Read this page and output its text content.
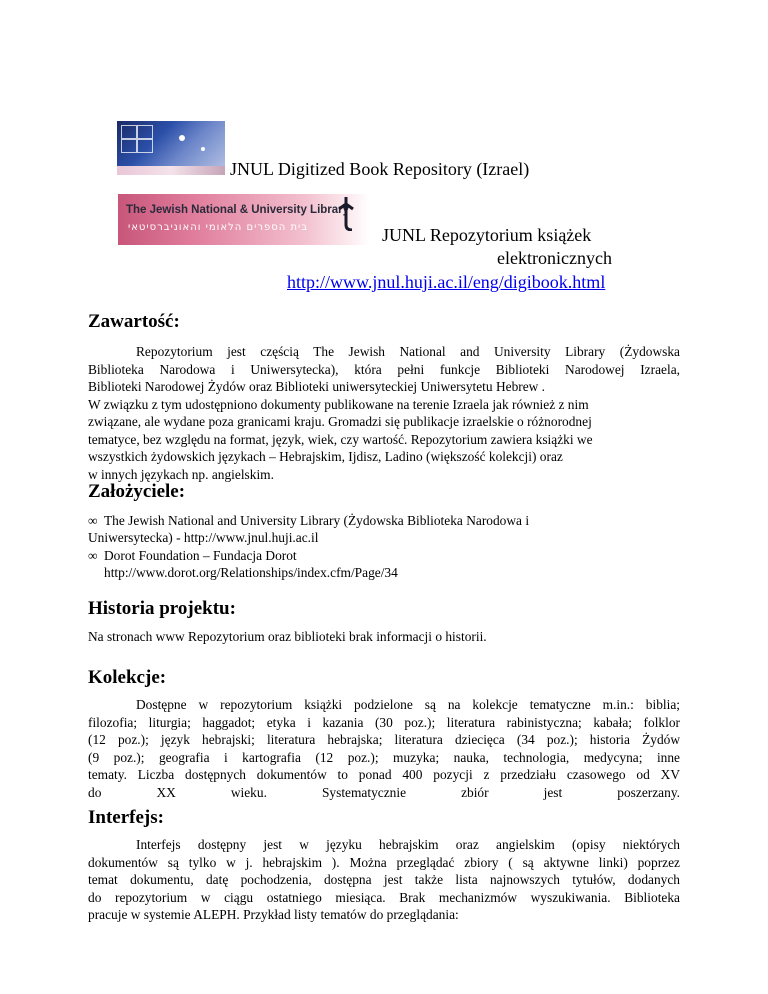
JNUL Digitized Book Repository (Izrael)
The Jewish National & University Library
בית הספרים הלאומי והאוניברסיטאי	JUNL Repozytorium książek
elektronicznych
http://www.jnul.huji.ac.il/eng/digibook.html
Zawartość:
Repozytorium jest częścią The Jewish National and University Library (Żydowska
Biblioteka Narodowa i Uniwersytecka), która pełni funkcje Biblioteki Narodowej Izraela,
Biblioteki Narodowej Żydów oraz Biblioteki uniwersyteckiej Uniwersytetu Hebrew .
W związku z tym udostępniono dokumenty publikowane na terenie Izraela jak również z nim
związane, ale wydane poza granicami kraju. Gromadzi się publikacje izraelskie o różnorodnej
tematyce, bez względu na format, język, wiek, czy wartość. Repozytorium zawiera książki we
wszystkich żydowskich językach – Hebrajskim, Ijdisz, Ladino (większość kolekcji) oraz
w innych językach np. angielskim.
Założyciele:
∞ The Jewish National and University Library (Żydowska Biblioteka Narodowa i
Uniwersytecka) - http://www.jnul.huji.ac.il
∞ Dorot Foundation – Fundacja Dorot
http://www.dorot.org/Relationships/index.cfm/Page/34
Historia projektu:
Na stronach www Repozytorium oraz biblioteki brak informacji o historii.
Kolekcje:
Dostępne w repozytorium książki podzielone są na kolekcje tematyczne m.in.: biblia;
filozofia; liturgia; haggadot; etyka i kazania (30 poz.); literatura rabinistyczna; kabała; folklor
(12 poz.); język hebrajski; literatura hebrajska; literatura dziecięca (34 poz.); historia Żydów
(9 poz.); geografia i kartografia (12 poz.); muzyka; nauka, technologia, medycyna; inne
tematy. Liczba dostępnych dokumentów to ponad 400 pozycji z przedziału czasowego od XV
do XX wieku. Systematycznie zbiór jest poszerzany.
Interfejs:
Interfejs dostępny jest w języku hebrajskim oraz angielskim (opisy niektórych
dokumentów są tylko w j. hebrajskim ). Można przeglądać zbiory ( są aktywne linki) poprzez
temat dokumentu, datę pochodzenia, dostępna jest także lista najnowszych tytułów, dodanych
do repozytorium w ciągu ostatniego miesiąca. Brak mechanizmów wyszukiwania. Biblioteka
pracuje w systemie ALEPH. Przykład listy tematów do przeglądania:
